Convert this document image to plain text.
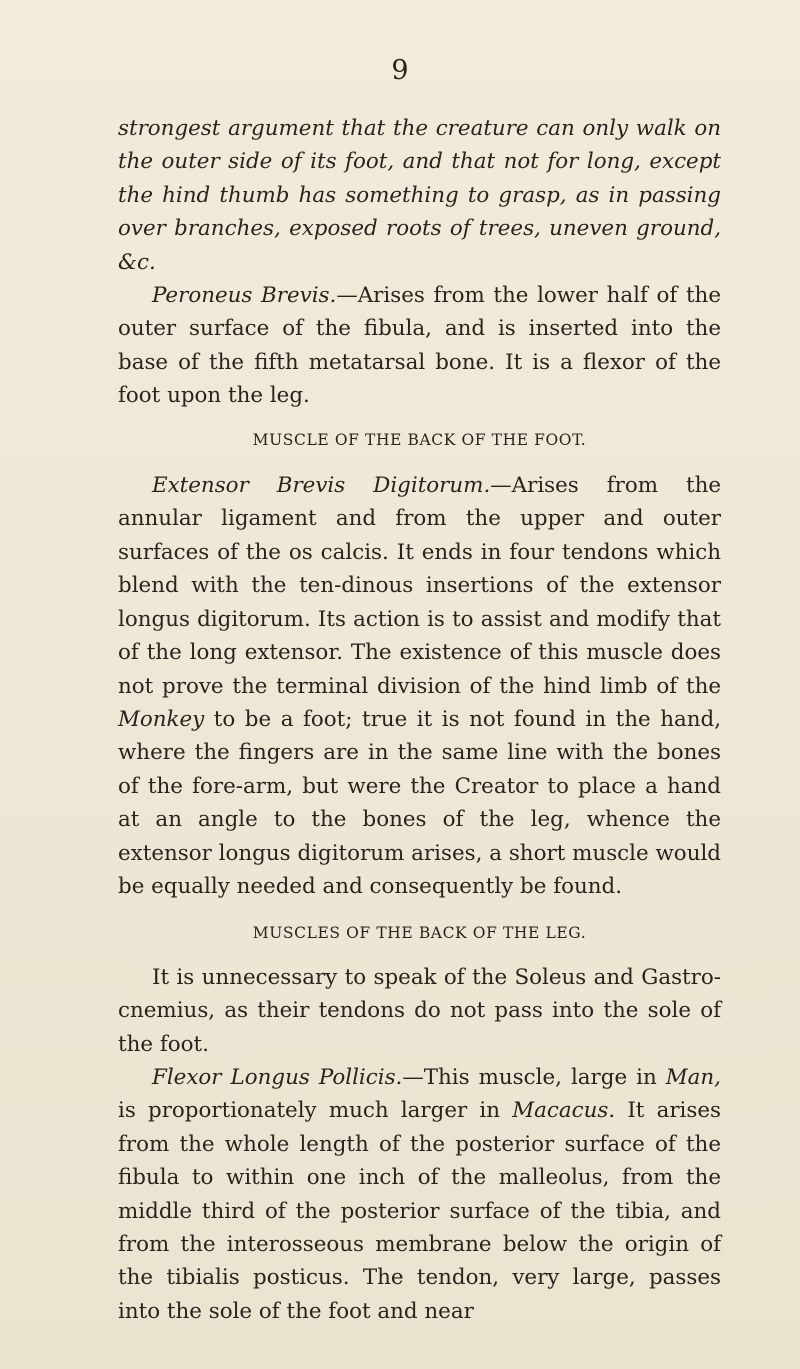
9

strongest argument that the creature can only walk on the outer side of its foot, and that not for long, except the hind thumb has something to grasp, as in passing over branches, exposed roots of trees, uneven ground, &c.

Peroneus Brevis.—Arises from the lower half of the outer surface of the fibula, and is inserted into the base of the fifth metatarsal bone. It is a flexor of the foot upon the leg.

MUSCLE OF THE BACK OF THE FOOT.

Extensor Brevis Digitorum.—Arises from the annular ligament and from the upper and outer surfaces of the os calcis. It ends in four tendons which blend with the ten-dinous insertions of the extensor longus digitorum. Its action is to assist and modify that of the long extensor. The existence of this muscle does not prove the terminal division of the hind limb of the Monkey to be a foot; true it is not found in the hand, where the fingers are in the same line with the bones of the fore-arm, but were the Creator to place a hand at an angle to the bones of the leg, whence the extensor longus digitorum arises, a short muscle would be equally needed and consequently be found.

MUSCLES OF THE BACK OF THE LEG.

It is unnecessary to speak of the Soleus and Gastro-cnemius, as their tendons do not pass into the sole of the foot.

Flexor Longus Pollicis.—This muscle, large in Man, is proportionately much larger in Macacus. It arises from the whole length of the posterior surface of the fibula to within one inch of the malleolus, from the middle third of the posterior surface of the tibia, and from the interosseous membrane below the origin of the tibialis posticus. The tendon, very large, passes into the sole of the foot and near
